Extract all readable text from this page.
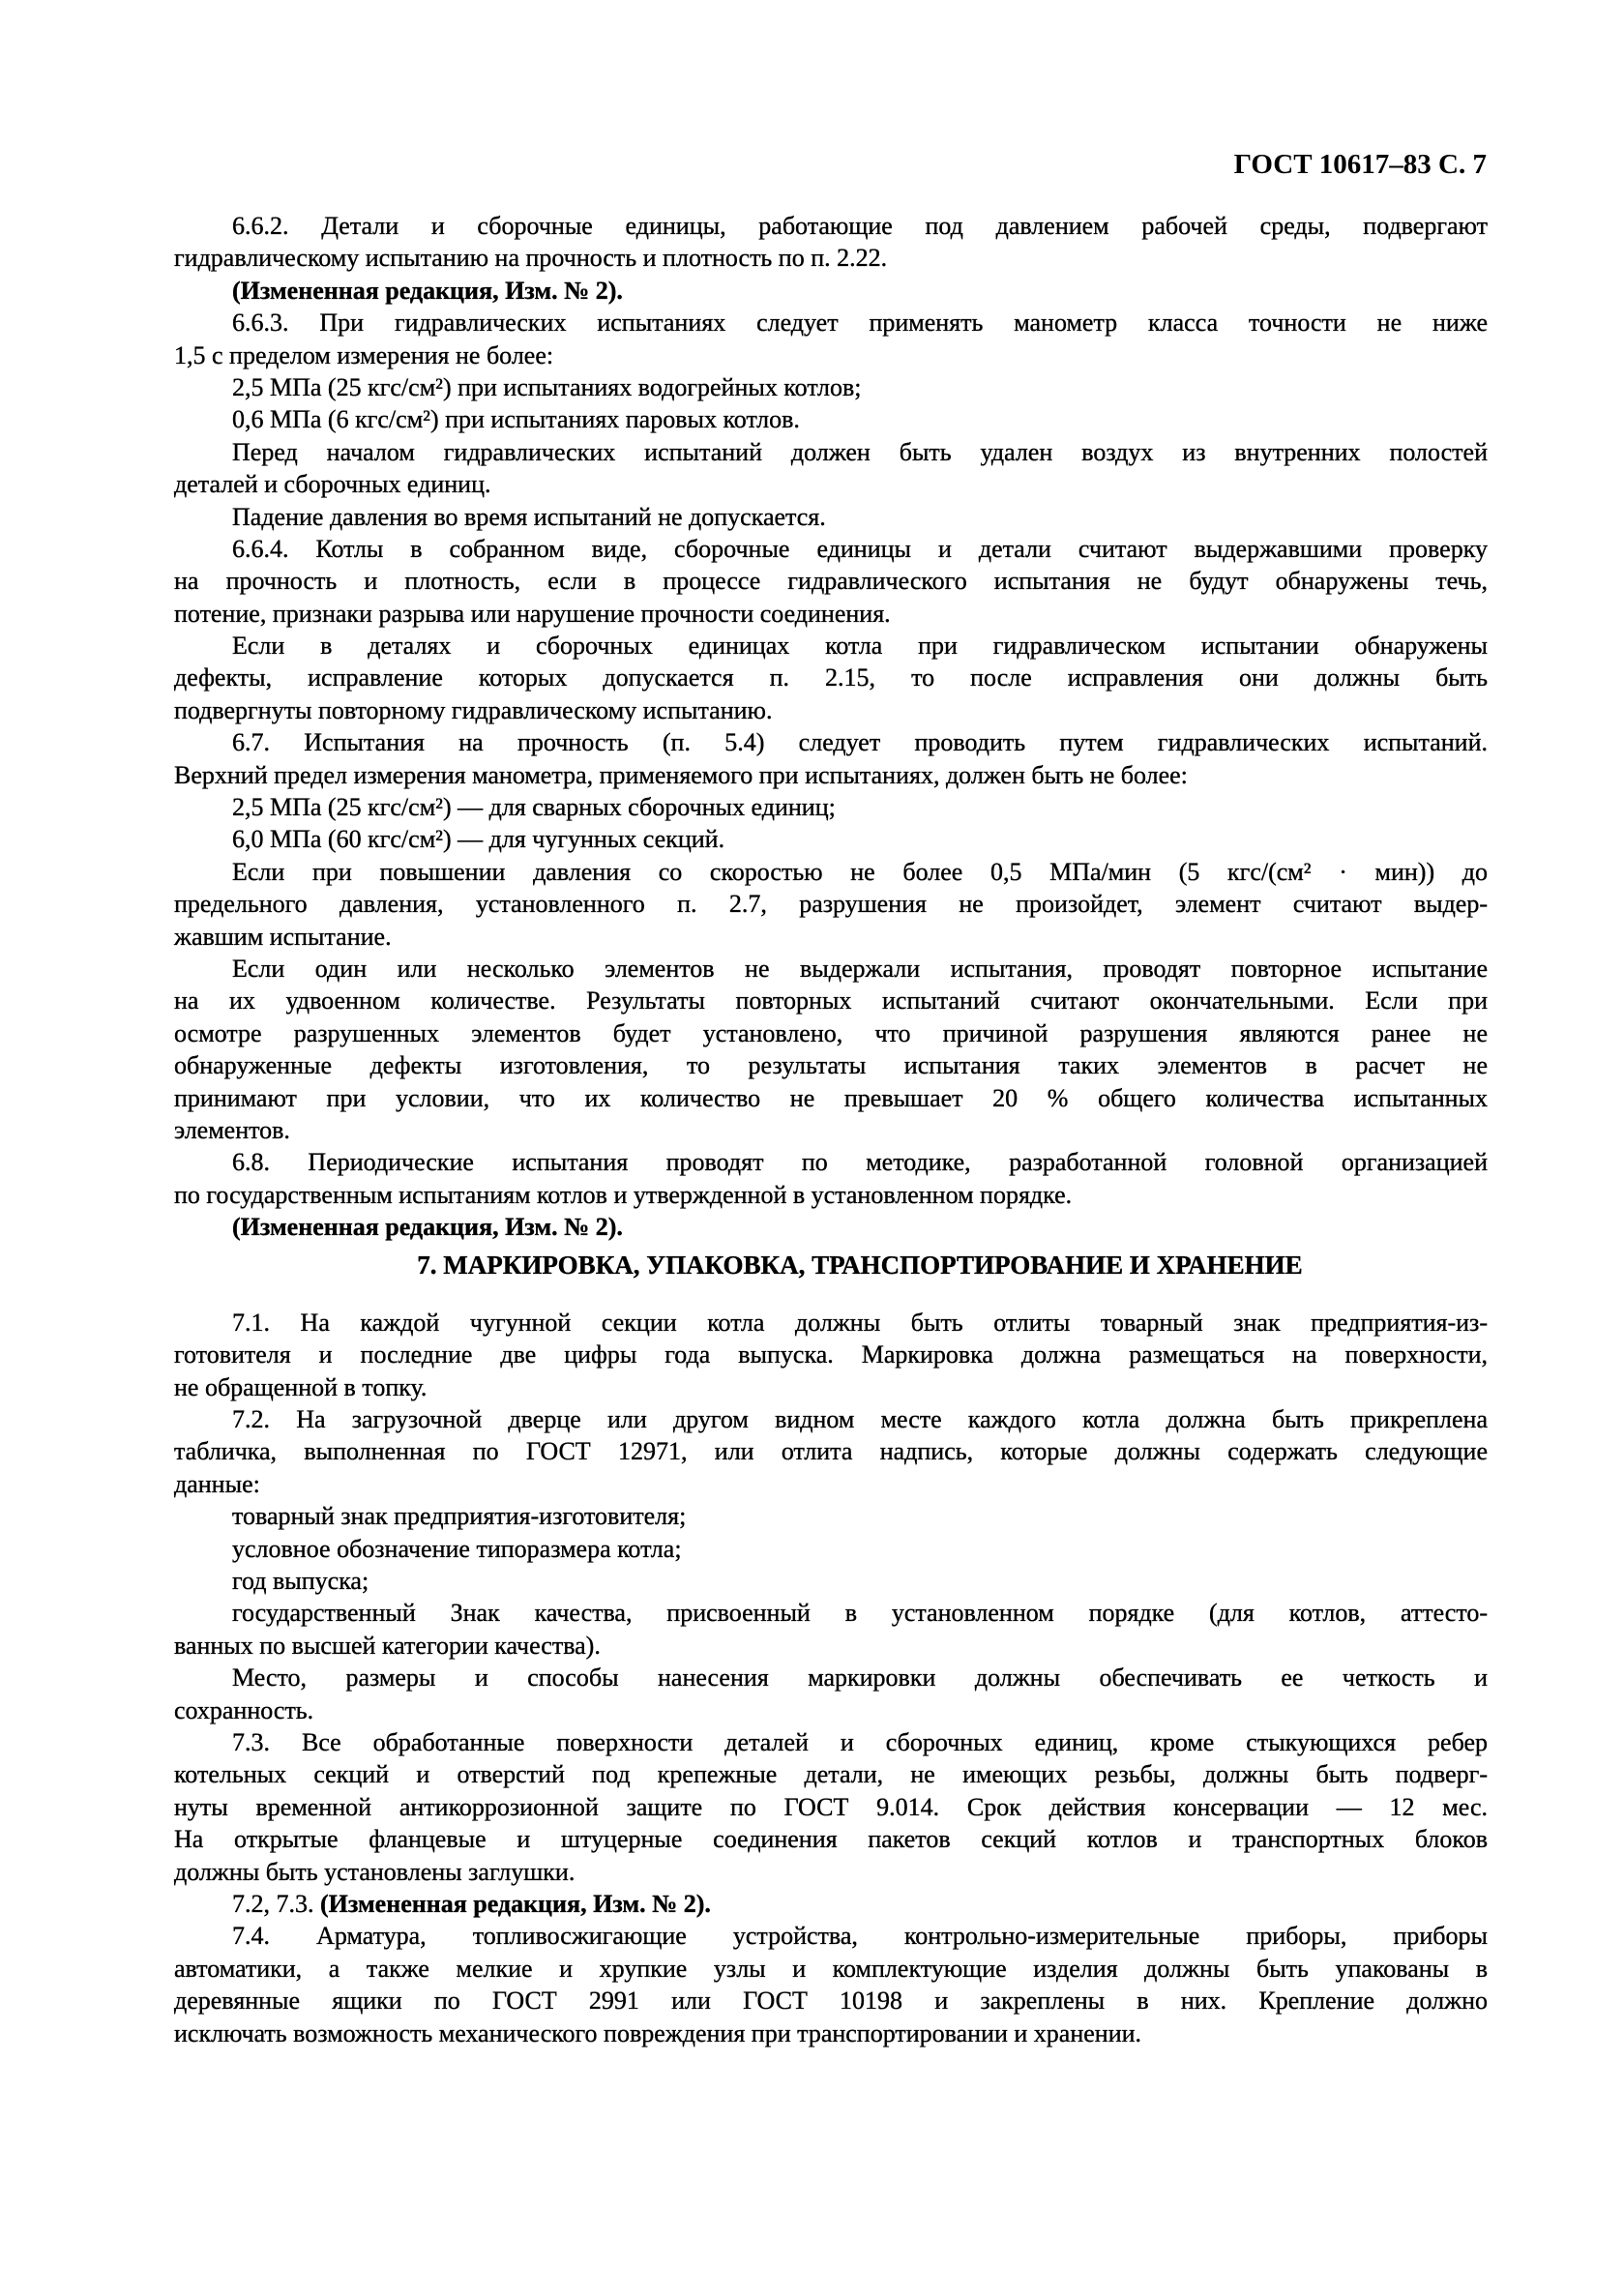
ГОСТ 10617–83 С. 7
6.6.2. Детали и сборочные единицы, работающие под давлением рабочей среды, подвергают
гидравлическому испытанию на прочность и плотность по п. 2.22.
(Измененная редакция, Изм. № 2).
6.6.3. При гидравлических испытаниях следует применять манометр класса точности не ниже
1,5 с пределом измерения не более:
2,5 МПа (25 кгс/см²) при испытаниях водогрейных котлов;
0,6 МПа (6 кгс/см²) при испытаниях паровых котлов.
Перед началом гидравлических испытаний должен быть удален воздух из внутренних полостей
деталей и сборочных единиц.
Падение давления во время испытаний не допускается.
6.6.4. Котлы в собранном виде, сборочные единицы и детали считают выдержавшими проверку
на прочность и плотность, если в процессе гидравлического испытания не будут обнаружены течь,
потение, признаки разрыва или нарушение прочности соединения.
Если в деталях и сборочных единицах котла при гидравлическом испытании обнаружены
дефекты, исправление которых допускается п. 2.15, то после исправления они должны быть
подвергнуты повторному гидравлическому испытанию.
6.7. Испытания на прочность (п. 5.4) следует проводить путем гидравлических испытаний.
Верхний предел измерения манометра, применяемого при испытаниях, должен быть не более:
2,5 МПа (25 кгс/см²) — для сварных сборочных единиц;
6,0 МПа (60 кгс/см²) — для чугунных секций.
Если при повышении давления со скоростью не более 0,5 МПа/мин (5 кгс/(см² · мин)) до
предельного давления, установленного п. 2.7, разрушения не произойдет, элемент считают выдер-
жавшим испытание.
Если один или несколько элементов не выдержали испытания, проводят повторное испытание
на их удвоенном количестве. Результаты повторных испытаний считают окончательными. Если при
осмотре разрушенных элементов будет установлено, что причиной разрушения являются ранее не
обнаруженные дефекты изготовления, то результаты испытания таких элементов в расчет не
принимают при условии, что их количество не превышает 20 % общего количества испытанных
элементов.
6.8. Периодические испытания проводят по методике, разработанной головной организацией
по государственным испытаниям котлов и утвержденной в установленном порядке.
(Измененная редакция, Изм. № 2).
7. МАРКИРОВКА, УПАКОВКА, ТРАНСПОРТИРОВАНИЕ И ХРАНЕНИЕ
7.1. На каждой чугунной секции котла должны быть отлиты товарный знак предприятия-из-
готовителя и последние две цифры года выпуска. Маркировка должна размещаться на поверхности,
не обращенной в топку.
7.2. На загрузочной дверце или другом видном месте каждого котла должна быть прикреплена
табличка, выполненная по ГОСТ 12971, или отлита надпись, которые должны содержать следующие
данные:
товарный знак предприятия-изготовителя;
условное обозначение типоразмера котла;
год выпуска;
государственный Знак качества, присвоенный в установленном порядке (для котлов, аттесто-
ванных по высшей категории качества).
Место, размеры и способы нанесения маркировки должны обеспечивать ее четкость и
сохранность.
7.3. Все обработанные поверхности деталей и сборочных единиц, кроме стыкующихся ребер
котельных секций и отверстий под крепежные детали, не имеющих резьбы, должны быть подверг-
нуты временной антикоррозионной защите по ГОСТ 9.014. Срок действия консервации — 12 мес.
На открытые фланцевые и штуцерные соединения пакетов секций котлов и транспортных блоков
должны быть установлены заглушки.
7.2, 7.3. (Измененная редакция, Изм. № 2).
7.4. Арматура, топливосжигающие устройства, контрольно-измерительные приборы, приборы
автоматики, а также мелкие и хрупкие узлы и комплектующие изделия должны быть упакованы в
деревянные ящики по ГОСТ 2991 или ГОСТ 10198 и закреплены в них. Крепление должно
исключать возможность механического повреждения при транспортировании и хранении.
